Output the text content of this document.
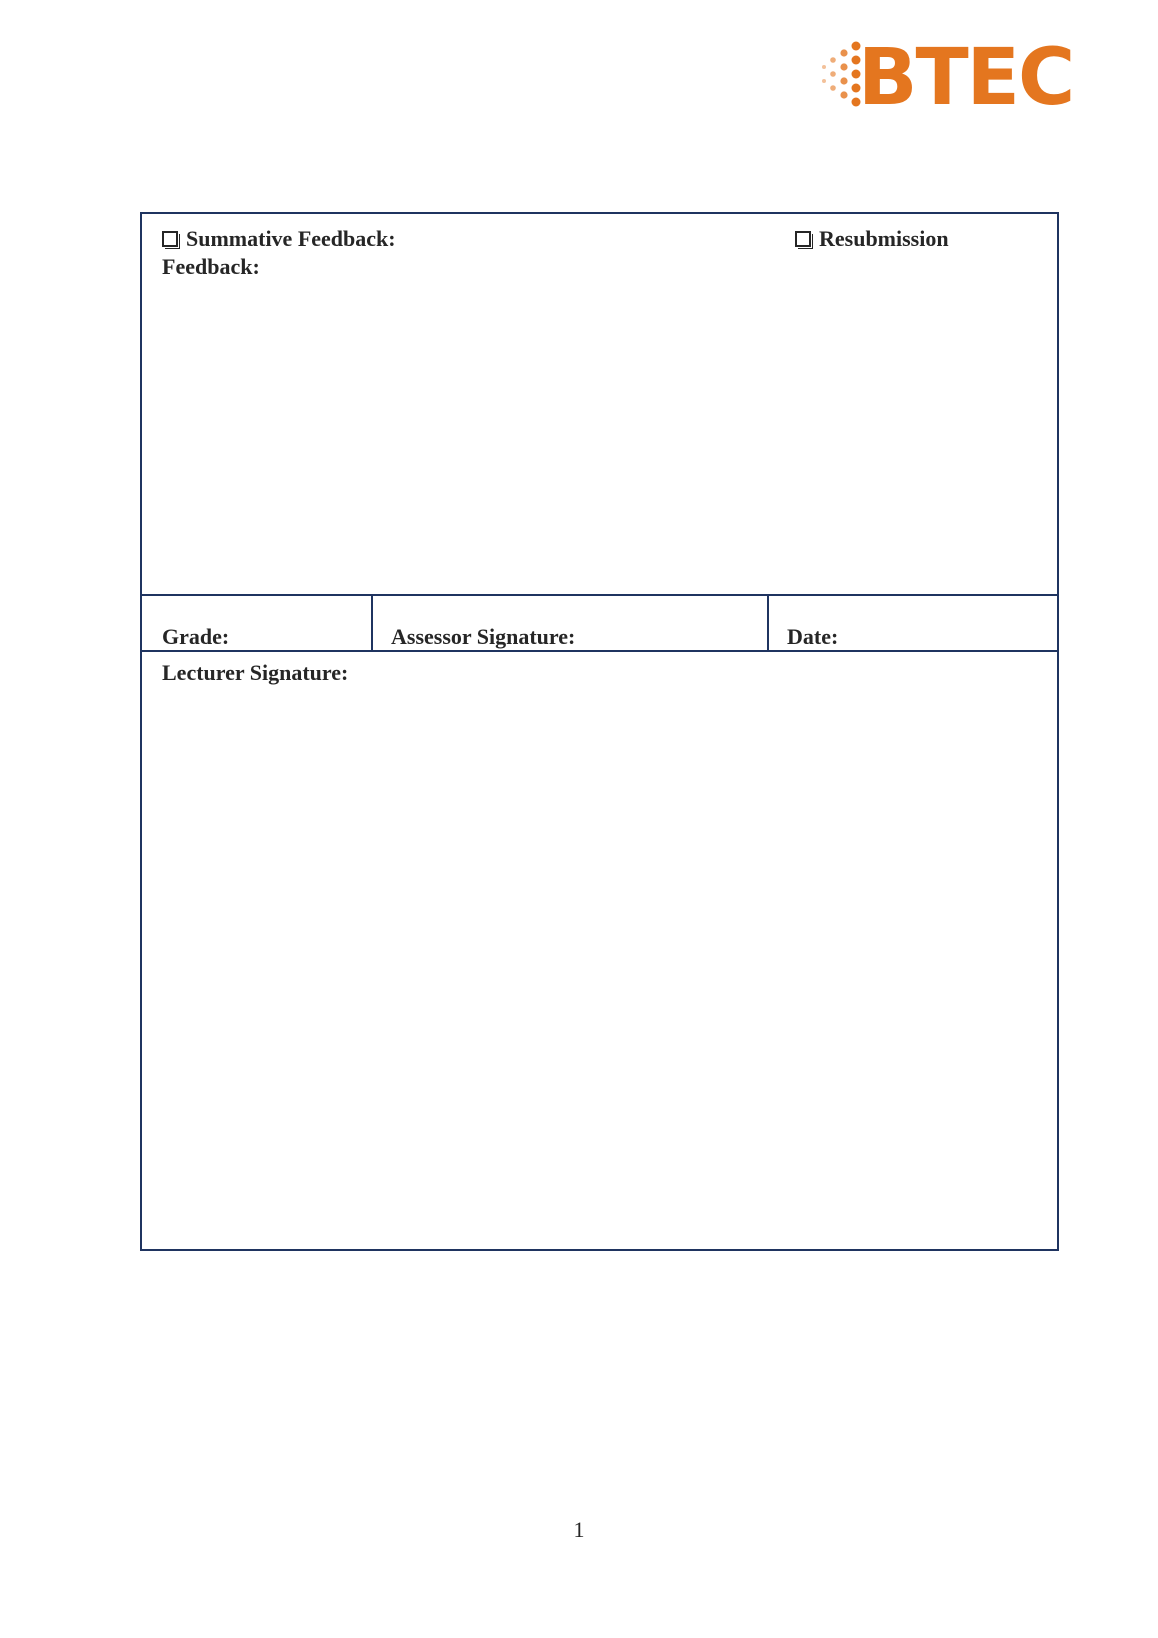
BTEC
Summative Feedback:	Resubmission
Feedback:
Grade:	Assessor Signature:	Date:
Lecturer Signature:
1
